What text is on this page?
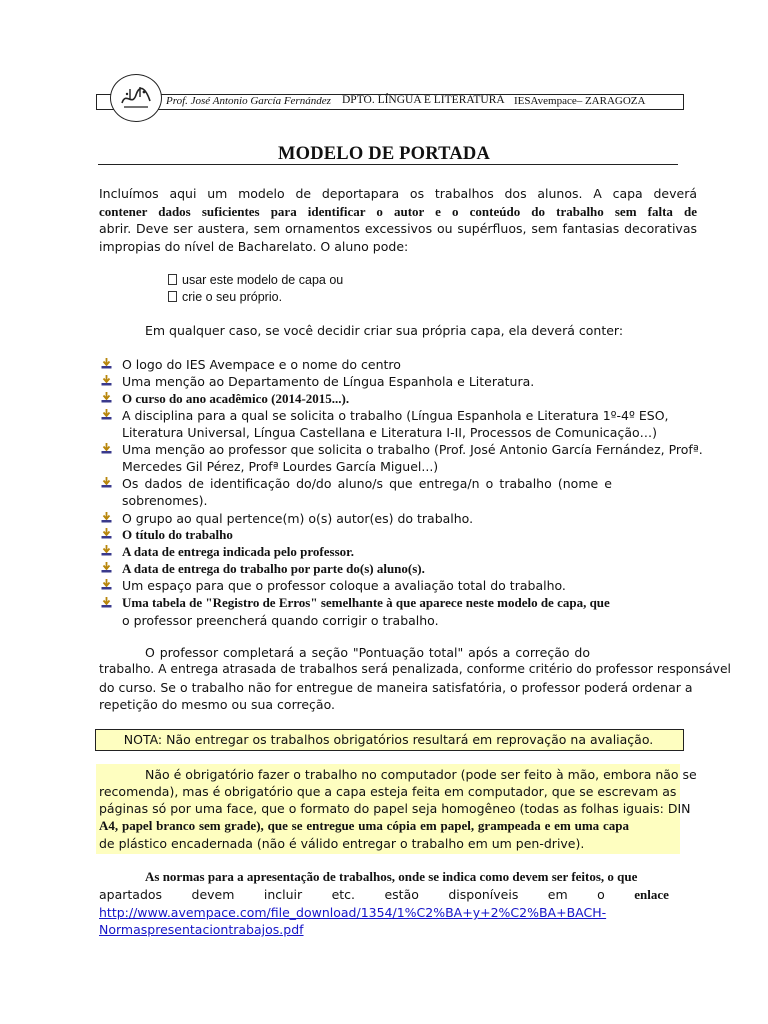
Prof. José Antonio García Fernández DPTO. LÍNGUA E LITERATURA IESAvempace– ZARAGOZA
MODELO DE PORTADA
Incluímos aqui um modelo de deportapara os trabalhos dos alunos. A capa deverá
contener dados suficientes para identificar o autor e o conteúdo do trabalho sem falta de
abrir. Deve ser austera, sem ornamentos excessivos ou supérfluos, sem fantasias decorativas
impropias do nível de Bacharelato. O aluno pode:
usar este modelo de capa ou
crie o seu próprio.
Em qualquer caso, se você decidir criar sua própria capa, ela deverá conter:
O logo do IES Avempace e o nome do centro
Uma menção ao Departamento de Língua Espanhola e Literatura.
O curso do ano acadêmico (2014-2015...).
A disciplina para a qual se solicita o trabalho (Língua Espanhola e Literatura 1º-4º ESO,
Literatura Universal, Língua Castellana e Literatura I-II, Processos de Comunicação…)
Uma menção ao professor que solicita o trabalho (Prof. José Antonio García Fernández, Profª.
Mercedes Gil Pérez, Profª Lourdes García Miguel...)
Os dados de identificação do/do aluno/s que entrega/n o trabalho (nome e
sobrenomes).
O grupo ao qual pertence(m) o(s) autor(es) do trabalho.
O título do trabalho
A data de entrega indicada pelo professor.
A data de entrega do trabalho por parte do(s) aluno(s).
Um espaço para que o professor coloque a avaliação total do trabalho.
Uma tabela de "Registro de Erros" semelhante à que aparece neste modelo de capa, que
o professor preencherá quando corrigir o trabalho.
O professor completará a seção "Pontuação total" após a correção do
trabalho. A entrega atrasada de trabalhos será penalizada, conforme critério do professor responsável
do curso. Se o trabalho não for entregue de maneira satisfatória, o professor poderá ordenar a
repetição do mesmo ou sua correção.
NOTA: Não entregar os trabalhos obrigatórios resultará em reprovação na avaliação.
Não é obrigatório fazer o trabalho no computador (pode ser feito à mão, embora não se
recomenda), mas é obrigatório que a capa esteja feita em computador, que se escrevam as
páginas só por uma face, que o formato do papel seja homogêneo (todas as folhas iguais: DIN
A4, papel branco sem grade), que se entregue uma cópia em papel, grampeada e em uma capa
de plástico encadernada (não é válido entregar o trabalho em um pen-drive).
As normas para a apresentação de trabalhos, onde se indica como devem ser feitos, o que
apartados devem incluir etc. estão disponíveis em o enlace
http://www.avempace.com/file_download/1354/1%C2%BA+y+2%C2%BA+BACH-
Normaspresentaciontrabajos.pdf
